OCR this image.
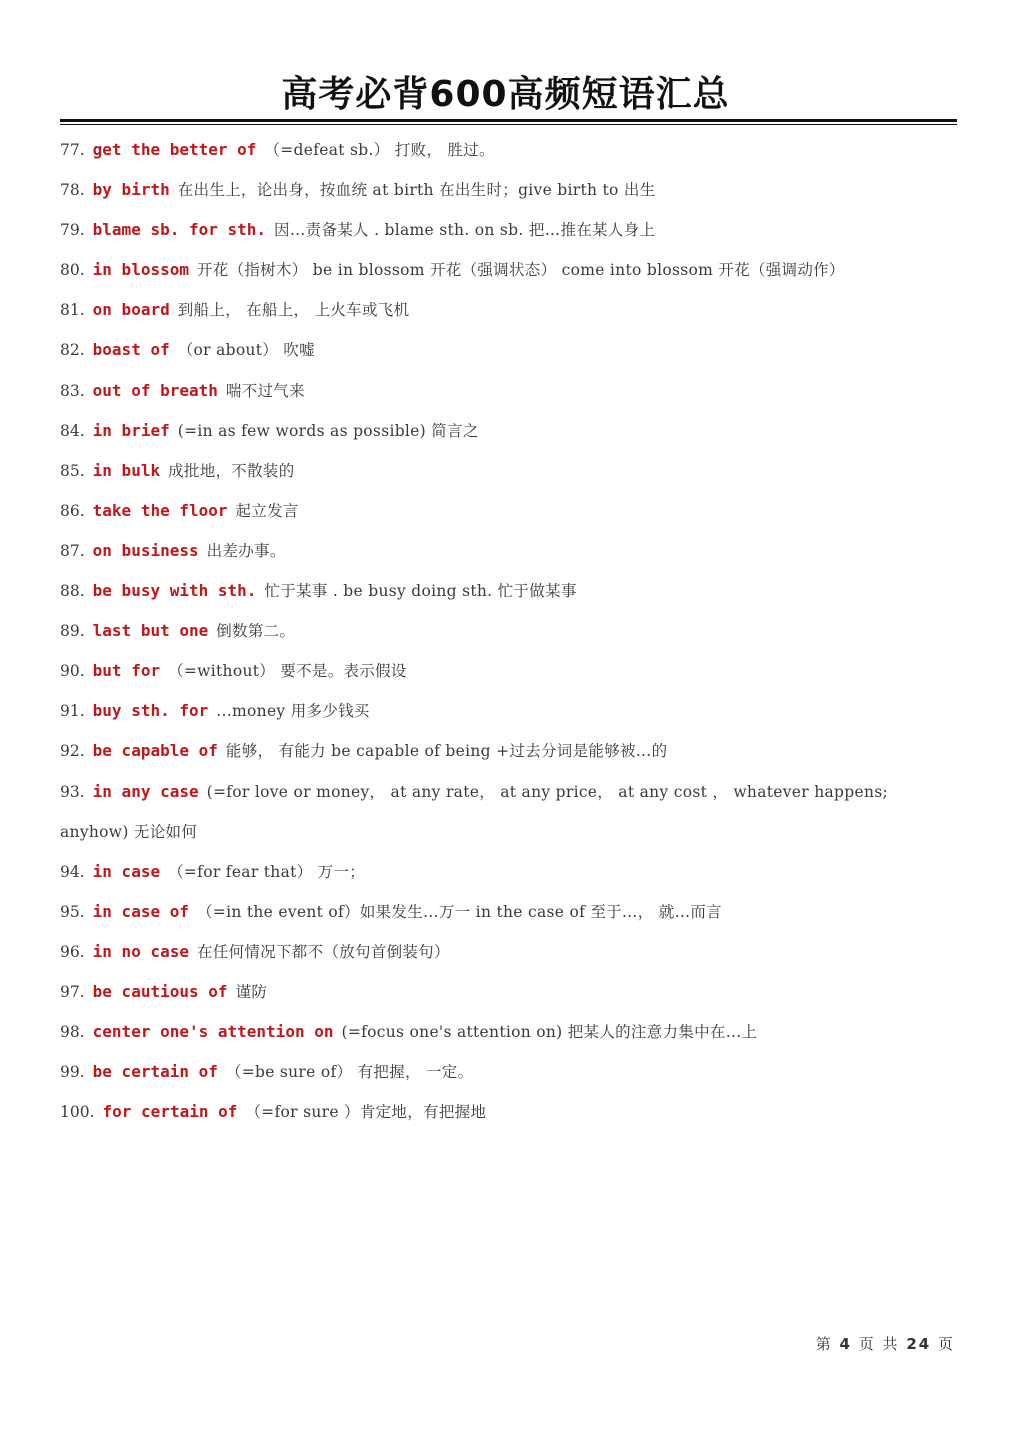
高考必背600高频短语汇总
77. get the better of （=defeat sb.） 打败， 胜过。
78. by birth 在出生上，论出身，按血统 at birth 在出生时；give birth to 出生
79. blame sb. for sth. 因…责备某人 . blame sth. on sb. 把…推在某人身上
80. in blossom 开花（指树木） be in blossom 开花（强调状态） come into blossom 开花（强调动作）
81. on board 到船上， 在船上， 上火车或飞机
82. boast of （or about） 吹嘘
83. out of breath 喘不过气来
84. in brief (=in as few words as possible) 简言之
85. in bulk 成批地，不散装的
86. take the floor 起立发言
87. on business 出差办事。
88. be busy with sth. 忙于某事 . be busy doing sth. 忙于做某事
89. last but one 倒数第二。
90. but for （=without） 要不是。表示假设
91. buy sth. for …money 用多少钱买
92. be capable of 能够， 有能力 be capable of being +过去分词是能够被…的
93. in any case (=for love or money， at any rate， at any price， at any cost ， whatever happens;
anyhow) 无论如何
94. in case （=for fear that） 万一；
95. in case of （=in the event of）如果发生…万一 in the case of 至于…， 就…而言
96. in no case 在任何情况下都不（放句首倒装句）
97. be cautious of 谨防
98. center one's attention on (=focus one's attention on) 把某人的注意力集中在…上
99. be certain of （=be sure of） 有把握， 一定。
100. for certain of （=for sure ）肯定地，有把握地
第 4 页 共 24 页
